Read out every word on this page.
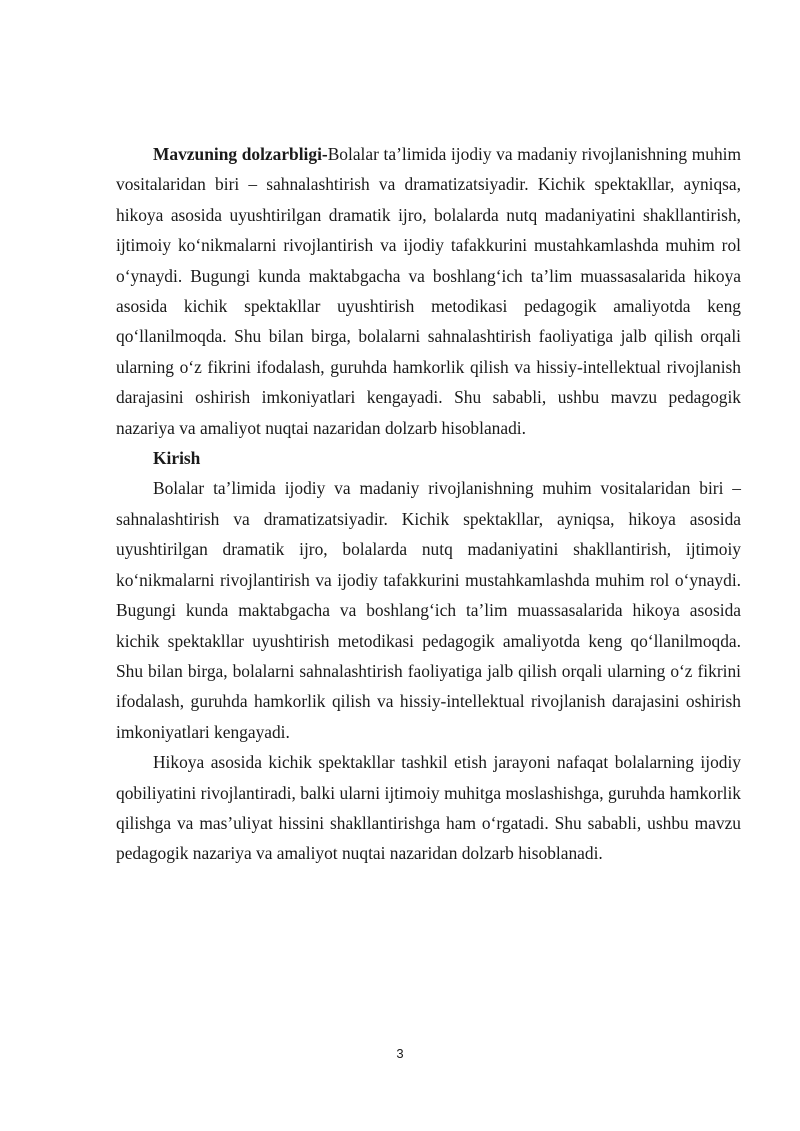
Mavzuning dolzarbligi-Bolalar ta’limida ijodiy va madaniy rivojlanishning muhim vositalaridan biri – sahnalashtirish va dramatizatsiyadir. Kichik spektakllar, ayniqsa, hikoya asosida uyushtirilgan dramatik ijro, bolalarda nutq madaniyatini shakllantirish, ijtimoiy ko‘nikmalarni rivojlantirish va ijodiy tafakkurini mustahkamlashda muhim rol o‘ynaydi. Bugungi kunda maktabgacha va boshlang‘ich ta’lim muassasalarida hikoya asosida kichik spektakllar uyushtirish metodikasi pedagogik amaliyotda keng qo‘llanilmoqda. Shu bilan birga, bolalarni sahnalashtirish faoliyatiga jalb qilish orqali ularning o‘z fikrini ifodalash, guruhda hamkorlik qilish va hissiy-intellektual rivojlanish darajasini oshirish imkoniyatlari kengayadi. Shu sababli, ushbu mavzu pedagogik nazariya va amaliyot nuqtai nazaridan dolzarb hisoblanadi.

Kirish

Bolalar ta’limida ijodiy va madaniy rivojlanishning muhim vositalaridan biri – sahnalashtirish va dramatizatsiyadir. Kichik spektakllar, ayniqsa, hikoya asosida uyushtirilgan dramatik ijro, bolalarda nutq madaniyatini shakllantirish, ijtimoiy ko‘nikmalarni rivojlantirish va ijodiy tafakkurini mustahkamlashda muhim rol o‘ynaydi. Bugungi kunda maktabgacha va boshlang‘ich ta’lim muassasalarida hikoya asosida kichik spektakllar uyushtirish metodikasi pedagogik amaliyotda keng qo‘llanilmoqda. Shu bilan birga, bolalarni sahnalashtirish faoliyatiga jalb qilish orqali ularning o‘z fikrini ifodalash, guruhda hamkorlik qilish va hissiy-intellektual rivojlanish darajasini oshirish imkoniyatlari kengayadi.

Hikoya asosida kichik spektakllar tashkil etish jarayoni nafaqat bolalarning ijodiy qobiliyatini rivojlantiradi, balki ularni ijtimoiy muhitga moslashishga, guruhda hamkorlik qilishga va mas’uliyat hissini shakllantirishga ham o‘rgatadi. Shu sababli, ushbu mavzu pedagogik nazariya va amaliyot nuqtai nazaridan dolzarb hisoblanadi.

3
